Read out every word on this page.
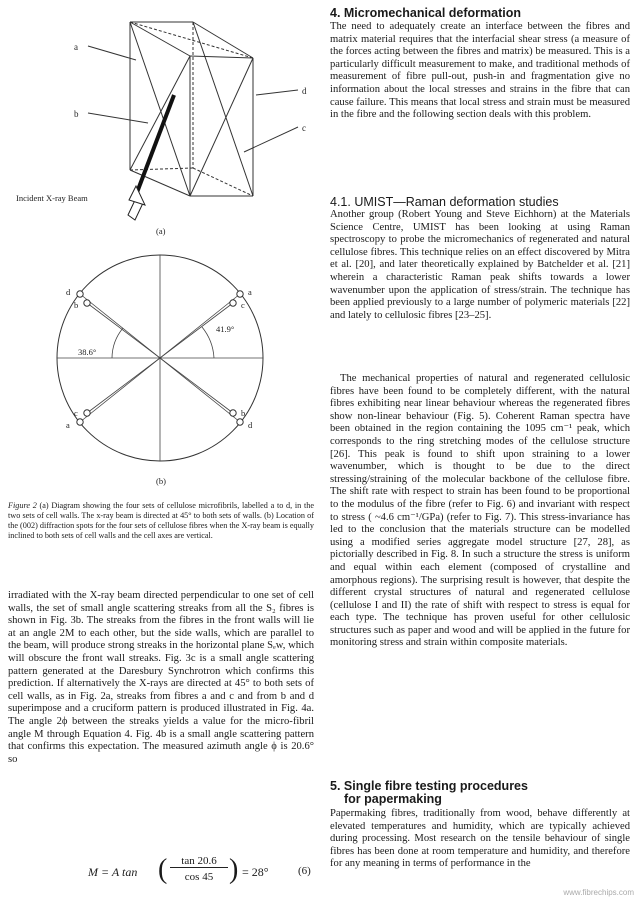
a
b
d
c
Incident X-ray Beam
(a)
d
b
a
c
a
c
d
b
38.6°
41.9°
(b)
Figure 2 (a) Diagram showing the four sets of cellulose microfibrils, labelled a to d, in the two sets of cell walls. The x-ray beam is directed at 45° to both sets of walls. (b) Location of the (002) diffraction spots for the four sets of cellulose fibres when the X-ray beam is equally inclined to both sets of cell walls and the cell axes are vertical.

irradiated with the X-ray beam directed perpendicular to one set of cell walls, the set of small angle scattering streaks from all the S₂ fibres is shown in Fig. 3b. The streaks from the fibres in the front walls will lie at an angle 2M to each other, but the side walls, which are parallel to the beam, will produce strong streaks in the horizontal plane Sₑw, which will obscure the front wall streaks. Fig. 3c is a small angle scattering pattern generated at the Daresbury Synchrotron which confirms this prediction. If alternatively the X-rays are directed at 45° to both sets of cell walls, as in Fig. 2a, streaks from fibres a and c and from b and d superimpose and a cruciform pattern is produced illustrated in Fig. 4a. The angle 2ϕ between the streaks yields a value for the micro-fibril angle M through Equation 4. Fig. 4b is a small angle scattering pattern that confirms this expectation. The measured azimuth angle ϕ is 20.6° so

M = A tan (	tan 20.6
cos 45 ) = 28°	(6)
4. Micromechanical deformation

The need to adequately create an interface between the fibres and matrix material requires that the interfacial shear stress (a measure of the forces acting between the fibres and matrix) be measured. This is a particularly difficult measurement to make, and traditional methods of measurement of fibre pull-out, push-in and fragmentation give no information about the local stresses and strains in the fibre that can cause failure. This means that local stress and strain must be measured in the fibre and the following section deals with this problem.

4.1. UMIST—Raman deformation studies

Another group (Robert Young and Steve Eichhorn) at the Materials Science Centre, UMIST has been looking at using Raman spectroscopy to probe the micromechanics of regenerated and natural cellulose fibres. This technique relies on an effect discovered by Mitra et al. [20], and later theoretically explained by Batchelder et al. [21] wherein a characteristic Raman peak shifts towards a lower wavenumber upon the application of stress/strain. The technique has been applied previously to a large number of polymeric materials [22] and lately to cellulosic fibres [23–25].

The mechanical properties of natural and regenerated cellulosic fibres have been found to be completely different, with the natural fibres exhibiting near linear behaviour whereas the regenerated fibres show non-linear behaviour (Fig. 5). Coherent Raman spectra have been obtained in the region containing the 1095 cm⁻¹ peak, which corresponds to the ring stretching modes of the cellulose structure [26]. This peak is found to shift upon straining to a lower wavenumber, which is thought to be due to the direct stressing/straining of the molecular backbone of the cellulose fibre. The shift rate with respect to strain has been found to be proportional to the modulus of the fibre (refer to Fig. 6) and invariant with respect to stress ( ~4.6 cm⁻¹/GPa) (refer to Fig. 7). This stress-invariance has led to the conclusion that the materials structure can be modelled using a modified series aggregate model structure [27, 28], as pictorially described in Fig. 8. In such a structure the stress is uniform and equal within each element (composed of crystalline and amorphous regions). The surprising result is however, that despite the different crystal structures of natural and regenerated cellulose (cellulose I and II) the rate of shift with respect to stress is equal for each type. The technique has proven useful for other cellulosic structures such as paper and wood and will be applied in the future for monitoring stress and strain within composite materials.

5. Single fibre testing procedures
for papermaking

Papermaking fibres, traditionally from wood, behave differently at elevated temperatures and humidity, which are typically achieved during processing. Most research on the tensile behaviour of single fibres has been done at room temperature and humidity, and therefore for any meaning in terms of performance in the

www.fibrechips.com
